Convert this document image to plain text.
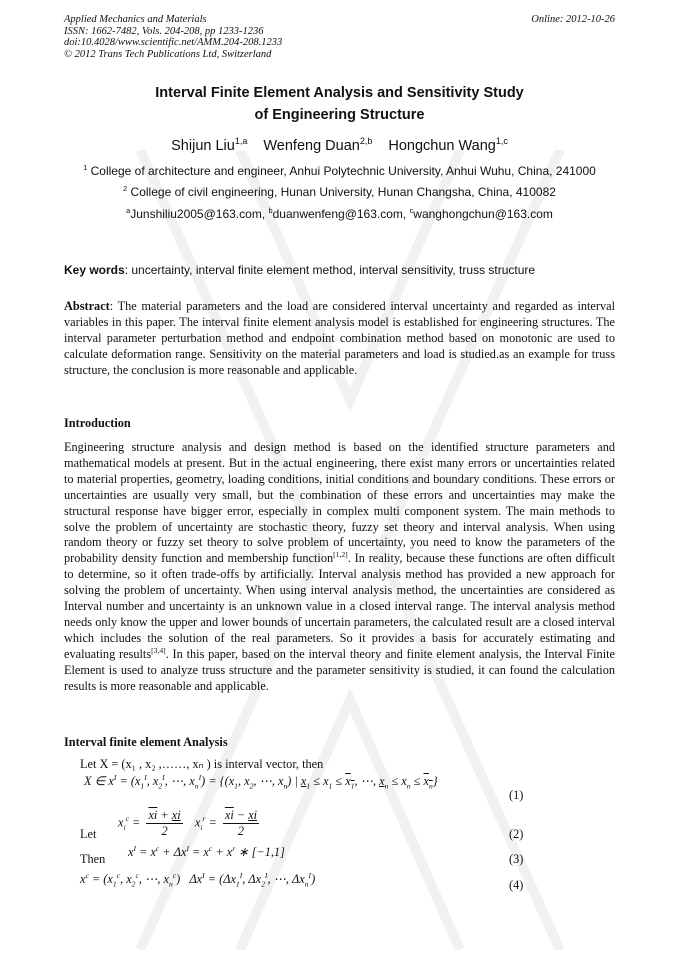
Applied Mechanics and Materials
ISSN: 1662-7482, Vols. 204-208, pp 1233-1236
doi:10.4028/www.scientific.net/AMM.204-208.1233
© 2012 Trans Tech Publications Ltd, Switzerland
Online: 2012-10-26
Interval Finite Element Analysis and Sensitivity Study
of Engineering Structure
Shijun Liu$^{1,a}$ Wenfeng Duan$^{2,b}$ Hongchun Wang$^{1,c}$
$^1$ College of architecture and engineer, Anhui Polytechnic University, Anhui Wuhu, China, 241000
$^2$ College of civil engineering, Hunan University, Hunan Changsha, China, 410082
$^a$Junshiliu2005@163.com, $^b$duanwenfeng@163.com, $^c$wanghongchun@163.com
Key words: uncertainty, interval finite element method, interval sensitivity, truss structure
Abstract: The material parameters and the load are considered interval uncertainty and regarded as interval variables in this paper. The interval finite element analysis model is established for engineering structures. The interval parameter perturbation method and endpoint combination method based on monotonic are used to calculate deformation range. Sensitivity on the material parameters and load is studied.as an example for truss structure, the conclusion is more reasonable and applicable.
Introduction
Engineering structure analysis and design method is based on the identified structure parameters and mathematical models at present. But in the actual engineering, there exist many errors or uncertainties related to material properties, geometry, loading conditions, initial conditions and boundary conditions. These errors or uncertainties are usually very small, but the combination of these errors and uncertainties may make the structural response have bigger error, especially in complex multi component system. The main methods to solve the problem of uncertainty are stochastic theory, fuzzy set theory and interval analysis. When using random theory or fuzzy set theory to solve problem of uncertainty, you need to know the parameters of the probability density function and membership function[1,2]. In reality, because these functions are often difficult to determine, so it often trade-offs by artificially. Interval analysis method has provided a new approach for solving the problem of uncertainty. When using interval analysis method, the uncertainties are considered as Interval number and uncertainty is an unknown value in a closed interval range. The interval analysis method needs only know the upper and lower bounds of uncertain parameters, the calculated result are a closed interval which includes the solution of the real parameters. So it provides a basis for accurately estimating and evaluating results[3,4]. In this paper, based on the interval theory and finite element analysis, the Interval Finite Element is used to analyze truss structure and the parameter sensitivity is studied, it can found the calculation results is more reasonable and applicable.
Interval finite element Analysis
Let X = (x₁ , x₂ ,……, xₙ ) is interval vector, then
X ∈ $x^I = (x_1^I$, $x_2^I$, ⋯, $x_n^I) = \{(x_1$, $x_2$, ⋯, $x_n$) | $x_1 \le x_1 \le x_1$, ⋯, $x_n \le x_n \le x_n$}
(1)
$x_i^c = \frac{\overline{xi} + xi}{2} x_i^r = \frac{\overline{xi} - xi}{2}$
Let	(2)
Then $x^I = x^c + \Delta x^I = x^c + x^r$ ∗ [−1,1]	(3)
$x^c = (x_1^c$, $x_2^c$, ⋯, $x_n^c$)   $\Delta x^I = (\Delta x_1^I$, $\Delta x_2^I$, ⋯, $\Delta x_n^I$)	(4)
